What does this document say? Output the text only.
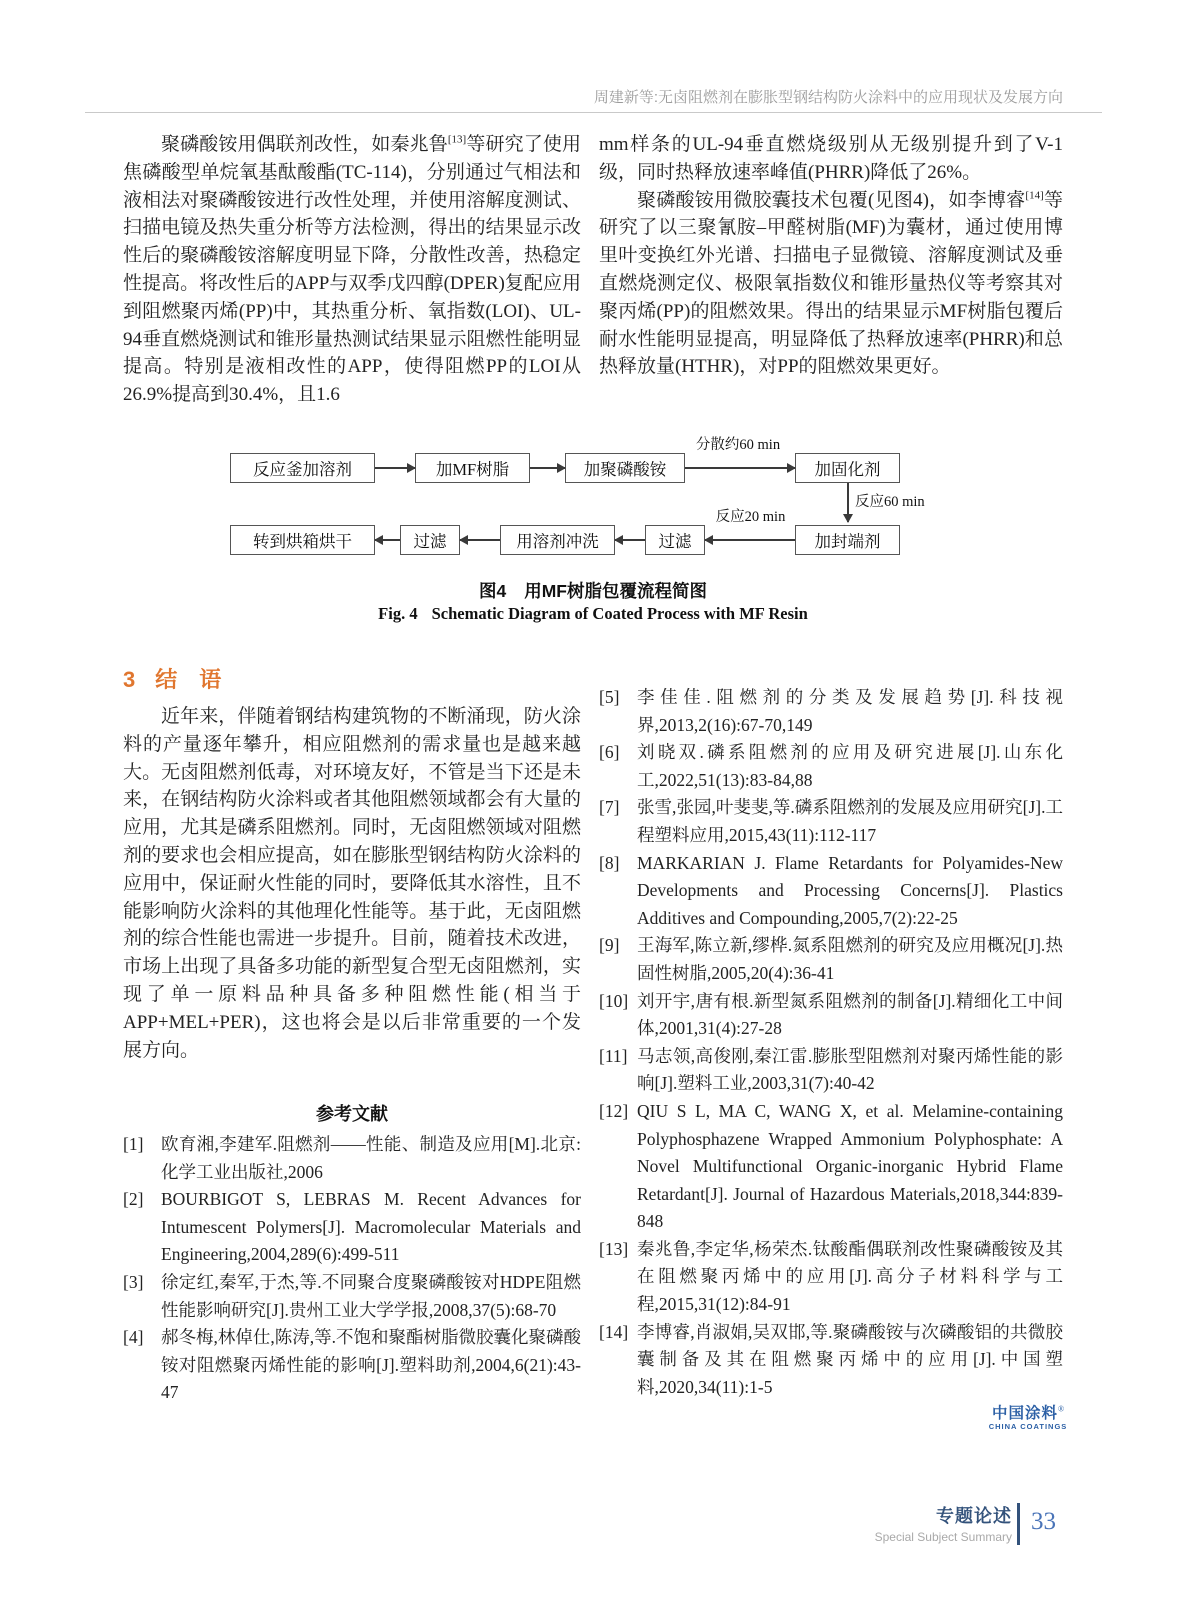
周建新等:无卤阻燃剂在膨胀型钢结构防火涂料中的应用现状及发展方向

聚磷酸铵用偶联剂改性，如秦兆鲁[13]等研究了使用焦磷酸型单烷氧基酞酸酯(TC-114)，分别通过气相法和液相法对聚磷酸铵进行改性处理，并使用溶解度测试、扫描电镜及热失重分析等方法检测，得出的结果显示改性后的聚磷酸铵溶解度明显下降，分散性改善，热稳定性提高。将改性后的APP与双季戊四醇(DPER)复配应用到阻燃聚丙烯(PP)中，其热重分析、氧指数(LOI)、UL-94垂直燃烧测试和锥形量热测试结果显示阻燃性能明显提高。特别是液相改性的APP，使得阻燃PP的LOI从26.9%提高到30.4%，且1.6

mm样条的UL-94垂直燃烧级别从无级别提升到了V-1级，同时热释放速率峰值(PHRR)降低了26%。

聚磷酸铵用微胶囊技术包覆(见图4)，如李博睿[14]等研究了以三聚氰胺–甲醛树脂(MF)为囊材，通过使用博里叶变换红外光谱、扫描电子显微镜、溶解度测试及垂直燃烧测定仪、极限氧指数仪和锥形量热仪等考察其对聚丙烯(PP)的阻燃效果。得出的结果显示MF树脂包覆后耐水性能明显提高，明显降低了热释放速率(PHRR)和总热释放量(HTHR)，对PP的阻燃效果更好。

反应釜加溶剂	加MF树脂	加聚磷酸铵	加固化剂
分散约60 min
反应60 min
转到烘箱烘干	过滤	用溶剂冲洗	过滤	加封端剂
反应20 min
图4 用MF树脂包覆流程简图
Fig. 4 Schematic Diagram of Coated Process with MF Resin
3 结　语

近年来，伴随着钢结构建筑物的不断涌现，防火涂料的产量逐年攀升，相应阻燃剂的需求量也是越来越大。无卤阻燃剂低毒，对环境友好，不管是当下还是未来，在钢结构防火涂料或者其他阻燃领域都会有大量的应用，尤其是磷系阻燃剂。同时，无卤阻燃领域对阻燃剂的要求也会相应提高，如在膨胀型钢结构防火涂料的应用中，保证耐火性能的同时，要降低其水溶性，且不能影响防火涂料的其他理化性能等。基于此，无卤阻燃剂的综合性能也需进一步提升。目前，随着技术改进，市场上出现了具备多功能的新型复合型无卤阻燃剂，实现了单一原料品种具备多种阻燃性能(相当于APP+MEL+PER)，这也将会是以后非常重要的一个发展方向。

参考文献
[1] 欧育湘,李建军.阻燃剂——性能、制造及应用[M].北京:化学工业出版社,2006
[2] BOURBIGOT S, LEBRAS M. Recent Advances for Intumescent Polymers[J]. Macromolecular Materials and Engineering,2004,289(6):499-511
[3] 徐定红,秦军,于杰,等.不同聚合度聚磷酸铵对HDPE阻燃性能影响研究[J].贵州工业大学学报,2008,37(5):68-70
[4] 郝冬梅,林倬仕,陈涛,等.不饱和聚酯树脂微胶囊化聚磷酸铵对阻燃聚丙烯性能的影响[J].塑料助剂,2004,6(21):43-47
[5] 李佳佳.阻燃剂的分类及发展趋势[J].科技视界,2013,2(16):67-70,149
[6] 刘晓双.磷系阻燃剂的应用及研究进展[J].山东化工,2022,51(13):83-84,88
[7] 张雪,张园,叶斐斐,等.磷系阻燃剂的发展及应用研究[J].工程塑料应用,2015,43(11):112-117
[8] MARKARIAN J. Flame Retardants for Polyamides-New Developments and Processing Concerns[J]. Plastics Additives and Compounding,2005,7(2):22-25
[9] 王海军,陈立新,缪桦.氮系阻燃剂的研究及应用概况[J].热固性树脂,2005,20(4):36-41
[10] 刘开宇,唐有根.新型氮系阻燃剂的制备[J].精细化工中间体,2001,31(4):27-28
[11] 马志领,高俊刚,秦江雷.膨胀型阻燃剂对聚丙烯性能的影响[J].塑料工业,2003,31(7):40-42
[12] QIU S L, MA C, WANG X, et al. Melamine-containing Polyphosphazene Wrapped Ammonium Polyphosphate: A Novel Multifunctional Organic-inorganic Hybrid Flame Retardant[J]. Journal of Hazardous Materials,2018,344:839-848
[13] 秦兆鲁,李定华,杨荣杰.钛酸酯偶联剂改性聚磷酸铵及其在阻燃聚丙烯中的应用[J].高分子材料科学与工程,2015,31(12):84-91
[14] 李博睿,肖淑娟,吴双邯,等.聚磷酸铵与次磷酸铝的共微胶囊制备及其在阻燃聚丙烯中的应用[J].中国塑料,2020,34(11):1-5
中国涂料®
CHINA COATINGS
专题论述
Special Subject Summary
33
